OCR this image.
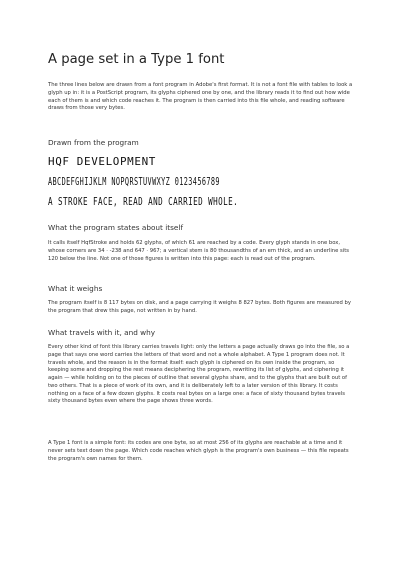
A page set in a Type 1 font

The three lines below are drawn from a font program in Adobe's first format. It is not a font file with tables to look a glyph up in: it is a PostScript program, its glyphs ciphered one by one, and the library reads it to find out how wide each of them is and which code reaches it. The program is then carried into this file whole, and reading software draws from those very bytes.

Drawn from the program
HQF DEVELOPMENT
ABCDEFGHIJKLM NOPQRSTUVWXYZ 0123456789
A STROKE FACE, READ AND CARRIED WHOLE.
What the program states about itself

It calls itself HqfStroke and holds 62 glyphs, of which 61 are reached by a code. Every glyph stands in one box, whose corners are 34 · -238 and 647 · 967; a vertical stem is 80 thousandths of an em thick, and an underline sits 120 below the line. Not one of those figures is written into this page: each is read out of the program.

What it weighs

The program itself is 8 117 bytes on disk, and a page carrying it weighs 8 827 bytes. Both figures are measured by the program that drew this page, not written in by hand.

What travels with it, and why

Every other kind of font this library carries travels light: only the letters a page actually draws go into the file, so a page that says one word carries the letters of that word and not a whole alphabet. A Type 1 program does not. It travels whole, and the reason is in the format itself: each glyph is ciphered on its own inside the program, so keeping some and dropping the rest means deciphering the program, rewriting its list of glyphs, and ciphering it again — while holding on to the pieces of outline that several glyphs share, and to the glyphs that are built out of two others. That is a piece of work of its own, and it is deliberately left to a later version of this library. It costs nothing on a face of a few dozen glyphs. It costs real bytes on a large one: a face of sixty thousand bytes travels sixty thousand bytes even where the page shows three words.

A Type 1 font is a simple font: its codes are one byte, so at most 256 of its glyphs are reachable at a time and it never sets text down the page. Which code reaches which glyph is the program's own business — this file repeats the program's own names for them.
